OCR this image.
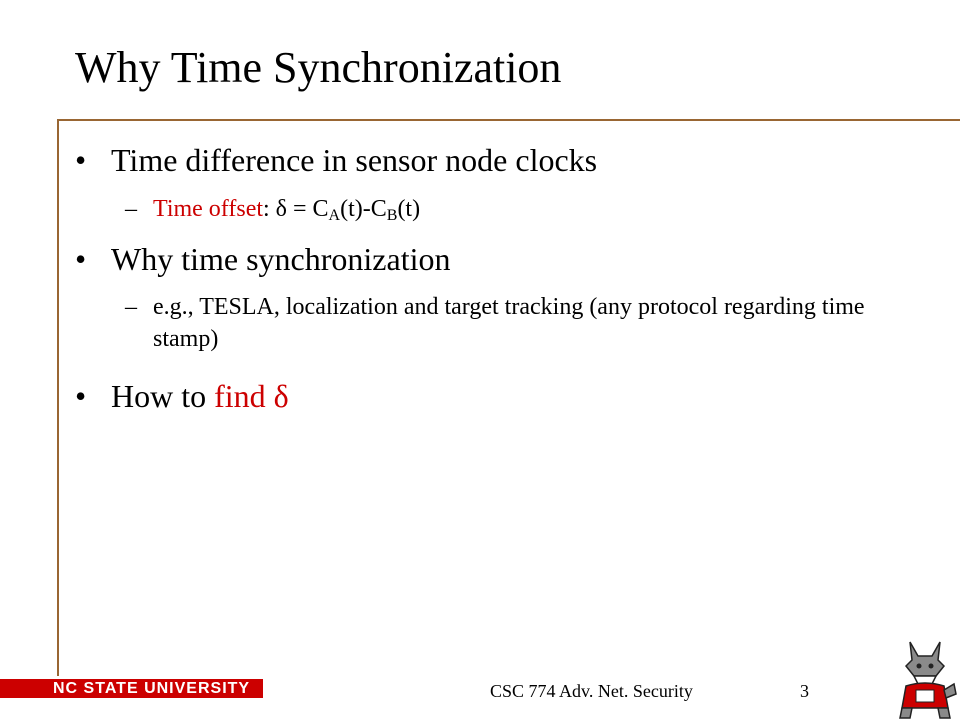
Why Time Synchronization
• Time difference in sensor node clocks
– Time offset: $\delta = C_A(t)-C_B(t)$
• Why time synchronization
– e.g., TESLA, localization and target tracking (any protocol regarding time stamp)
• How to find δ
NC STATE UNIVERSITY	CSC 774 Adv. Net. Security	3
